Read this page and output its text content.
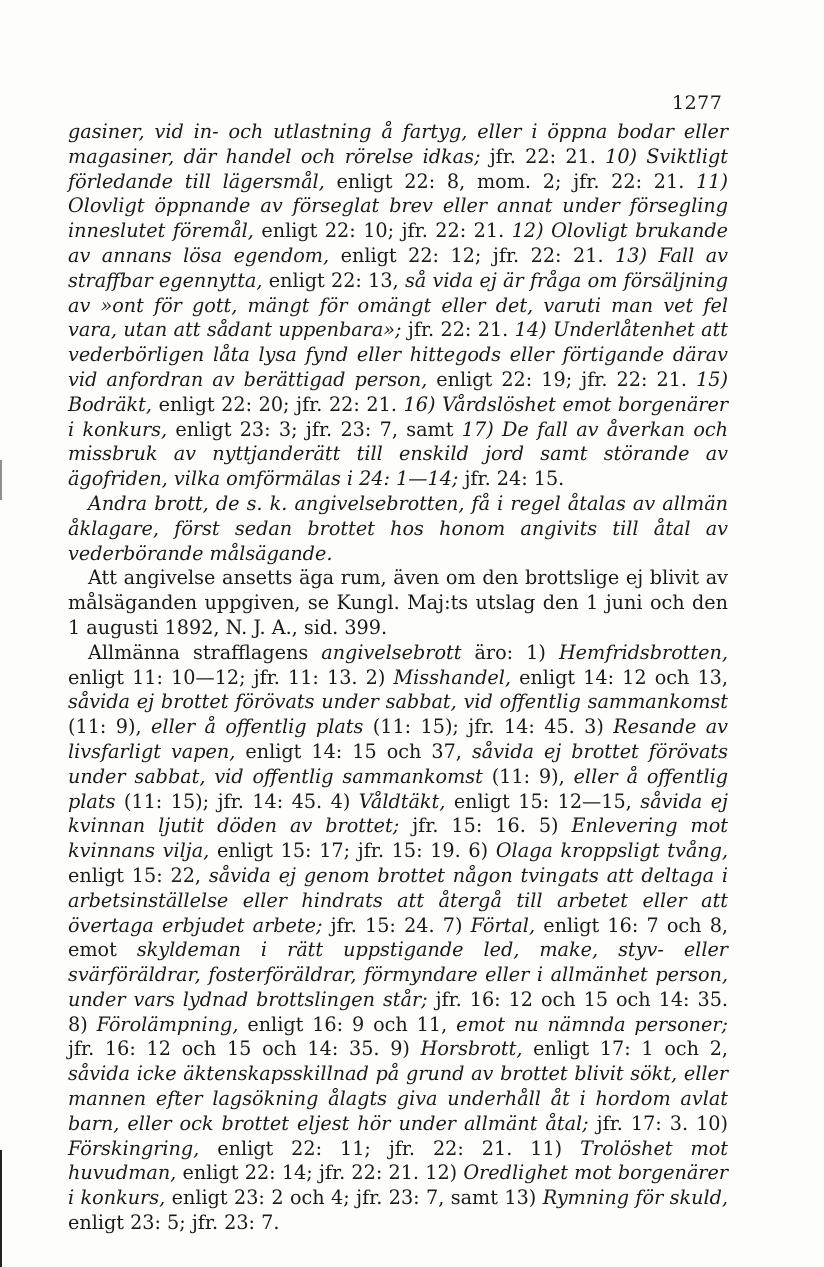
1277

gasiner, vid in- och utlastning å fartyg, eller i öppna bodar eller magasiner, där handel och rörelse idkas; jfr. 22: 21. 10) Sviktligt förledande till lägersmål, enligt 22: 8, mom. 2; jfr. 22: 21. 11) Olovligt öppnande av förseglat brev eller annat under försegling inneslutet föremål, enligt 22: 10; jfr. 22: 21. 12) Olovligt brukande av annans lösa egendom, enligt 22: 12; jfr. 22: 21. 13) Fall av straffbar egennytta, enligt 22: 13, så vida ej är fråga om försäljning av »ont för gott, mängt för omängt eller det, varuti man vet fel vara, utan att sådant uppenbara»; jfr. 22: 21. 14) Underlåtenhet att vederbörligen låta lysa fynd eller hittegods eller förtigande därav vid anfordran av berättigad person, enligt 22: 19; jfr. 22: 21. 15) Bodräkt, enligt 22: 20; jfr. 22: 21. 16) Vårdslöshet emot borgenärer i konkurs, enligt 23: 3; jfr. 23: 7, samt 17) De fall av åverkan och missbruk av nyttjanderätt till enskild jord samt störande av ägofriden, vilka omförmälas i 24: 1—14; jfr. 24: 15.

Andra brott, de s. k. angivelsebrotten, få i regel åtalas av allmän åklagare, först sedan brottet hos honom angivits till åtal av vederbörande målsägande.

Att angivelse ansetts äga rum, även om den brottslige ej blivit av målsäganden uppgiven, se Kungl. Maj:ts utslag den 1 juni och den 1 augusti 1892, N. J. A., sid. 399.

Allmänna strafflagens angivelsebrott äro: 1) Hemfridsbrotten, enligt 11: 10—12; jfr. 11: 13. 2) Misshandel, enligt 14: 12 och 13, såvida ej brottet förövats under sabbat, vid offentlig sammankomst (11: 9), eller å offentlig plats (11: 15); jfr. 14: 45. 3) Resande av livsfarligt vapen, enligt 14: 15 och 37, såvida ej brottet förövats under sabbat, vid offentlig sammankomst (11: 9), eller å offentlig plats (11: 15); jfr. 14: 45. 4) Våldtäkt, enligt 15: 12—15, såvida ej kvinnan ljutit döden av brottet; jfr. 15: 16. 5) Enlevering mot kvinnans vilja, enligt 15: 17; jfr. 15: 19. 6) Olaga kroppsligt tvång, enligt 15: 22, såvida ej genom brottet någon tvingats att deltaga i arbetsinställelse eller hindrats att återgå till arbetet eller att övertaga erbjudet arbete; jfr. 15: 24. 7) Förtal, enligt 16: 7 och 8, emot skyldeman i rätt uppstigande led, make, styv- eller svärföräldrar, fosterföräldrar, förmyndare eller i allmänhet person, under vars lydnad brottslingen står; jfr. 16: 12 och 15 och 14: 35. 8) Förolämpning, enligt 16: 9 och 11, emot nu nämnda personer; jfr. 16: 12 och 15 och 14: 35. 9) Horsbrott, enligt 17: 1 och 2, såvida icke äktenskapsskillnad på grund av brottet blivit sökt, eller mannen efter lagsökning ålagts giva underhåll åt i hordom avlat barn, eller ock brottet eljest hör under allmänt åtal; jfr. 17: 3. 10) Förskingring, enligt 22: 11; jfr. 22: 21. 11) Trolöshet mot huvudman, enligt 22: 14; jfr. 22: 21. 12) Oredlighet mot borgenärer i konkurs, enligt 23: 2 och 4; jfr. 23: 7, samt 13) Rymning för skuld, enligt 23: 5; jfr. 23: 7.
